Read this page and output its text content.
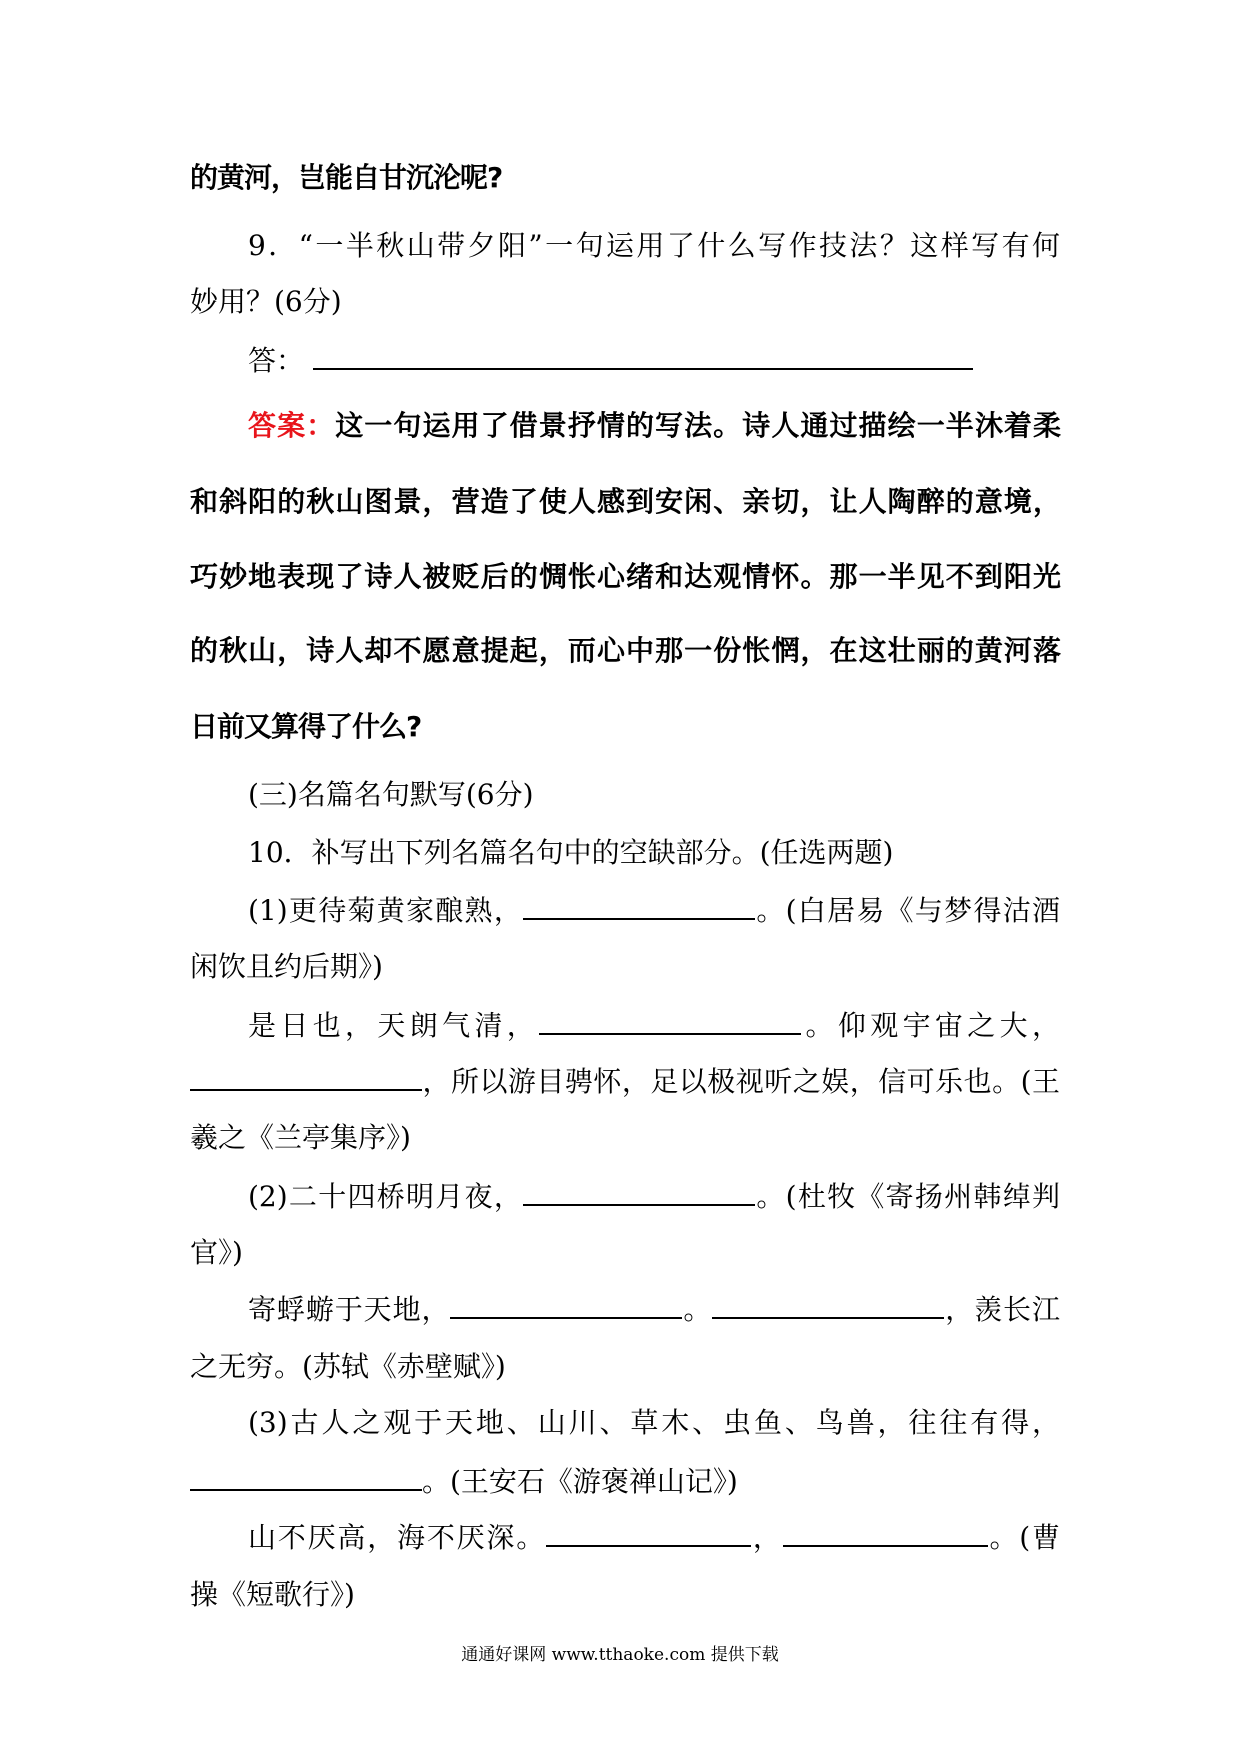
的黄河，岂能自甘沉沦呢?
9．“一半秋山带夕阳”一句运用了什么写作技法？这样写有何
妙用？(6分)
答：
答案：这一句运用了借景抒情的写法。诗人通过描绘一半沐着柔
和斜阳的秋山图景，营造了使人感到安闲、亲切，让人陶醉的意境，
巧妙地表现了诗人被贬后的惆怅心绪和达观情怀。那一半见不到阳光
的秋山，诗人却不愿意提起，而心中那一份怅惘，在这壮丽的黄河落
日前又算得了什么?
(三)名篇名句默写(6分)
10．补写出下列名篇名句中的空缺部分。(任选两题)
(1)更待菊黄家酿熟，	。(白居易《与梦得沽酒
闲饮且约后期》)
是日也，天朗气清，	。仰观宇宙之大，
，所以游目骋怀，足以极视听之娱，信可乐也。(王
羲之《兰亭集序》)
(2)二十四桥明月夜，	。(杜牧《寄扬州韩绰判
官》)
寄蜉蝣于天地，	。	，羡长江
之无穷。(苏轼《赤壁赋》)
(3)古人之观于天地、山川、草木、虫鱼、鸟兽，往往有得，
。(王安石《游褒禅山记》)
山不厌高，海不厌深。	，	。(曹
操《短歌行》)
通通好课网 www.tthaoke.com 提供下载
